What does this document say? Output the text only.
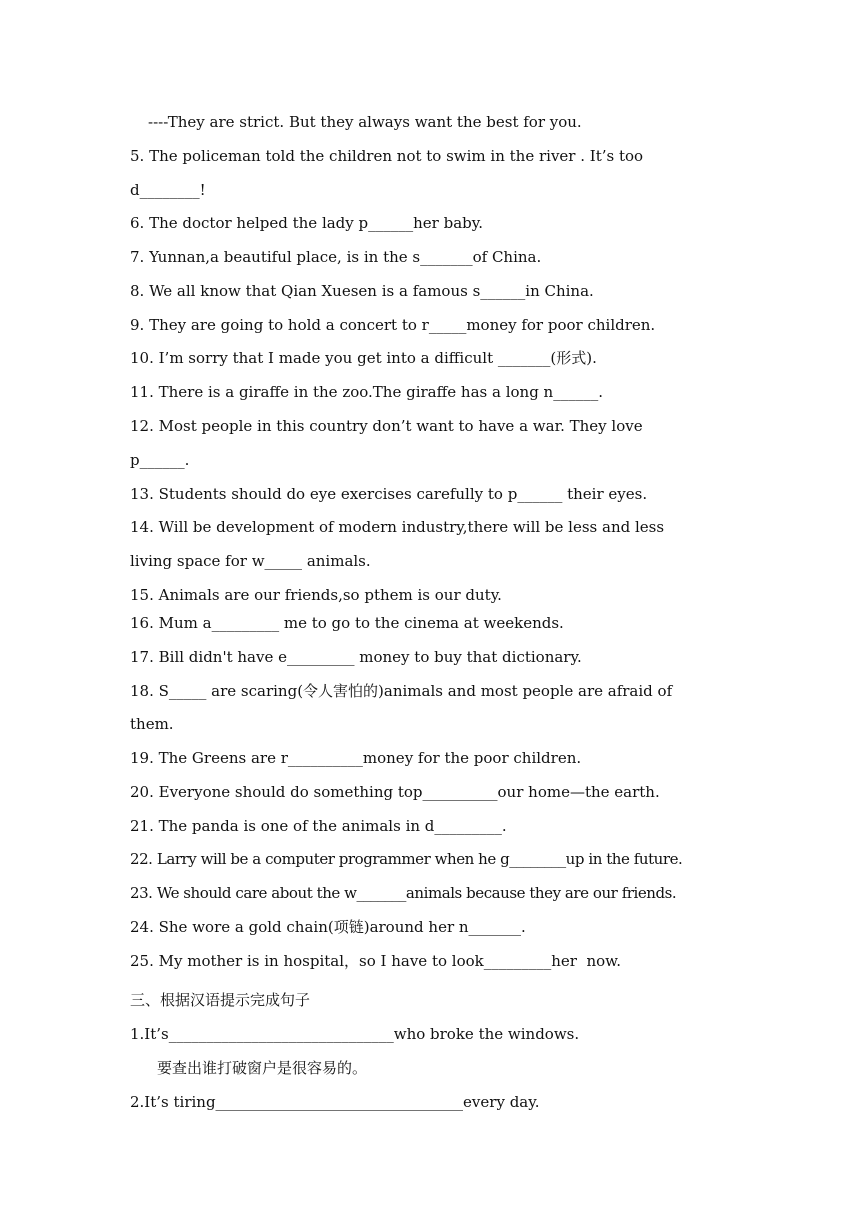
----They are strict. But they always want the best for you.
5. The policeman told the children not to swim in the river . It’s too
d________!
6. The doctor helped the lady p______her baby.
7. Yunnan,a beautiful place, is in the s_______of China.
8. We all know that Qian Xuesen is a famous s______in China.
9. They are going to hold a concert to r_____money for poor children.
10. I’m sorry that I made you get into a difficult _______(形式).
11. There is a giraffe in the zoo.The giraffe has a long n______.
12. Most people in this country don’t want to have a war. They love
p______.
13. Students should do eye exercises carefully to p______ their eyes.
14. Will be development of modern industry,there will be less and less
living space for w_____ animals.
15. Animals are our friends,so pthem is our duty.
16. Mum a_________ me to go to the cinema at weekends.
17. Bill didn't have e_________ money to buy that dictionary.
18. S_____ are scaring(令人害怕的)animals and most people are afraid of
them.
19. The Greens are r__________money for the poor children.
20. Everyone should do something top__________our home—the earth.
21. The panda is one of the animals in d_________.
22. Larry will be a computer programmer when he g________up in the future.
23. We should care about the w_______animals because they are our friends.
24. She wore a gold chain(项链)around her n_______.
25. My mother is in hospital，so I have to look_________her  now.
三、根据汉语提示完成句子
1.It’s______________________________who broke the windows.
要查出谁打破窗户是很容易的。
2.It’s tiring_________________________________every day.
